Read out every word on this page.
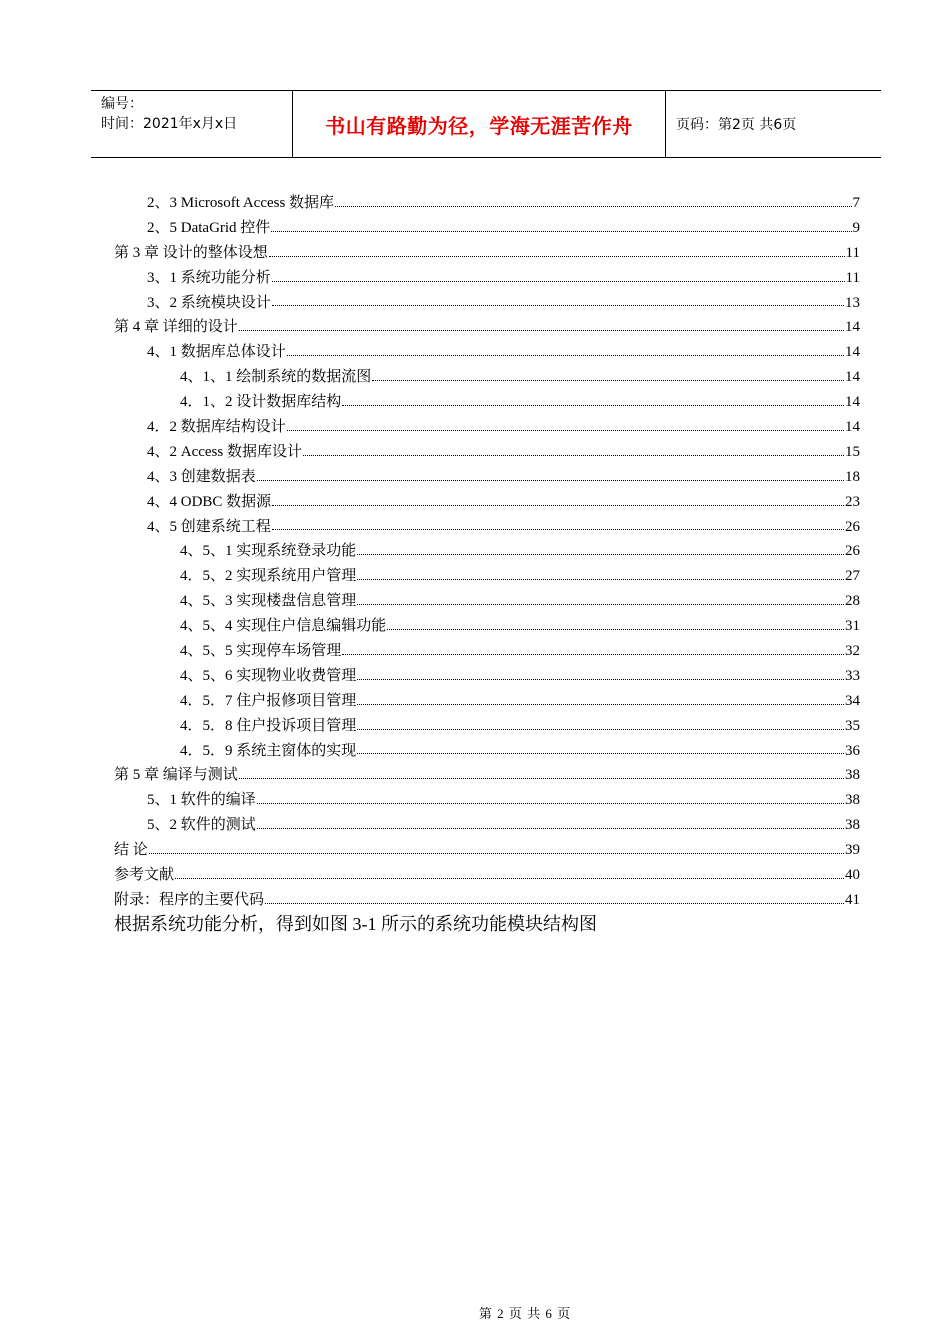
编号：
时间：2021年x月x日	书山有路勤为径，学海无涯苦作舟	页码：第2页 共6页
2、3 Microsoft Access 数据库	7
2、5 DataGrid 控件	9
第 3 章 设计的整体设想	11
3、1 系统功能分析	11
3、2 系统模块设计	13
第 4 章 详细的设计	14
4、1 数据库总体设计	14
4、1、1 绘制系统的数据流图	14
4．1、2 设计数据库结构	14
4．2 数据库结构设计	14
4、2 Access 数据库设计	15
4、3 创建数据表	18
4、4 ODBC 数据源	23
4、5 创建系统工程	26
4、5、1 实现系统登录功能	26
4．5、2 实现系统用户管理	27
4、5、3 实现楼盘信息管理	28
4、5、4 实现住户信息编辑功能	31
4、5、5 实现停车场管理	32
4、5、6 实现物业收费管理	33
4．5．7 住户报修项目管理	34
4．5．8 住户投诉项目管理	35
4．5．9 系统主窗体的实现	36
第 5 章 编译与测试	38
5、1 软件的编译	38
5、2 软件的测试	38
结 论	39
参考文献	40
附录：程序的主要代码	41
根据系统功能分析，得到如图 3-1 所示的系统功能模块结构图
第 2 页 共 6 页
